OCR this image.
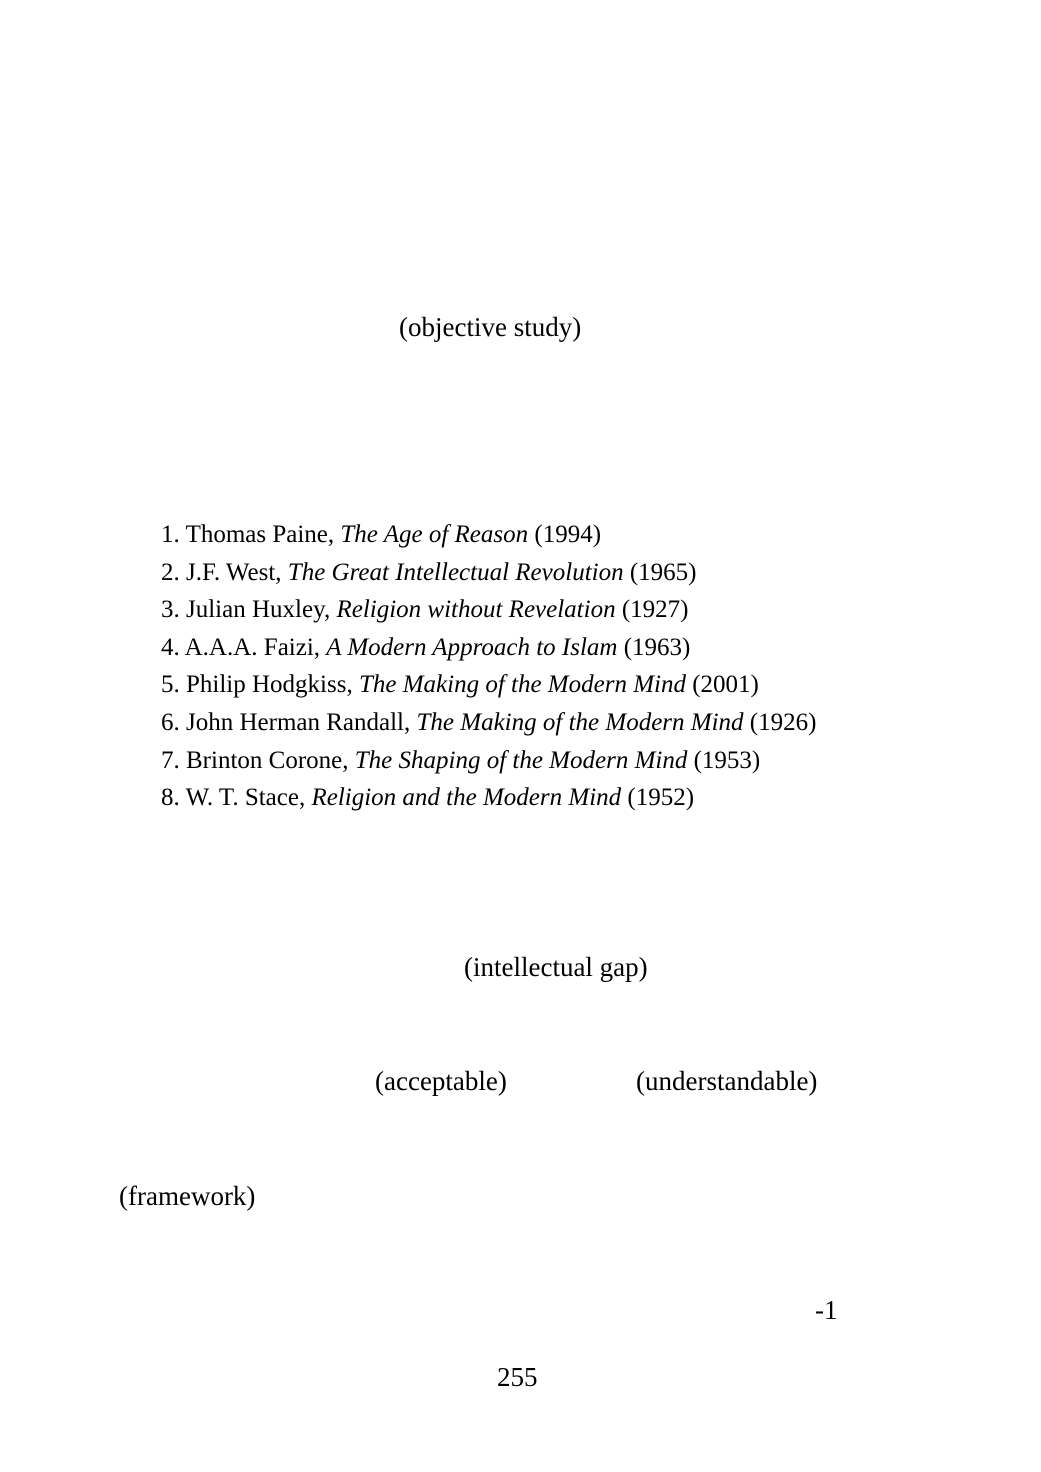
(objective study)
1. Thomas Paine, The Age of Reason (1994)
2. J.F. West, The Great Intellectual Revolution (1965)
3. Julian Huxley, Religion without Revelation (1927)
4. A.A.A. Faizi, A Modern Approach to Islam (1963)
5. Philip Hodgkiss, The Making of the Modern Mind (2001)
6. John Herman Randall, The Making of the Modern Mind (1926)
7. Brinton Corone, The Shaping of the Modern Mind (1953)
8. W. T. Stace, Religion and the Modern Mind (1952)
(intellectual gap)
(acceptable)	(understandable)
(framework)
-1
255
